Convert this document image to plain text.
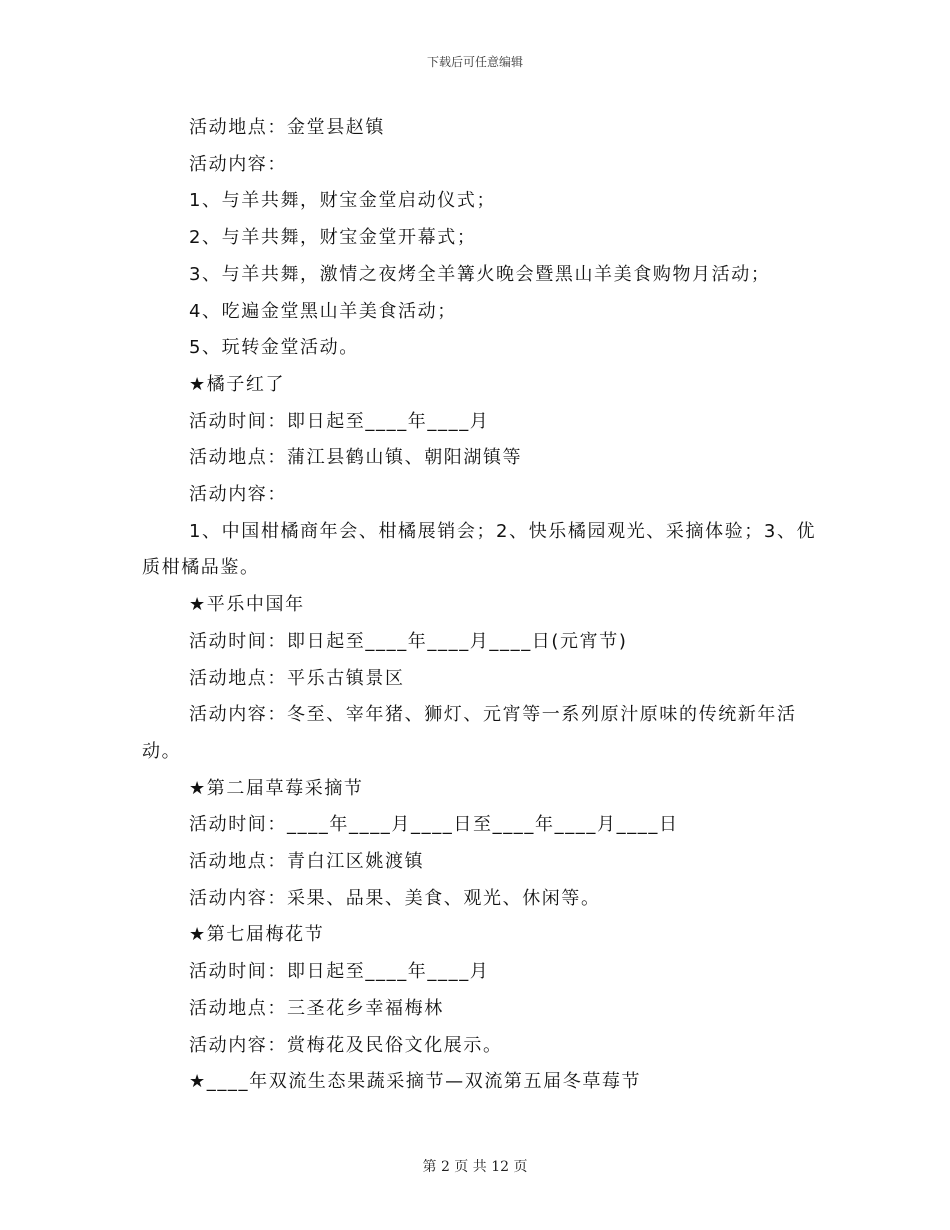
下载后可任意编辑

活动地点：金堂县赵镇

活动内容：

1、与羊共舞，财宝金堂启动仪式；

2、与羊共舞，财宝金堂开幕式；

3、与羊共舞，激情之夜烤全羊篝火晚会暨黑山羊美食购物月活动；

4、吃遍金堂黑山羊美食活动；

5、玩转金堂活动。

★橘子红了

活动时间：即日起至____年____月

活动地点：蒲江县鹤山镇、朝阳湖镇等

活动内容：

1、中国柑橘商年会、柑橘展销会；2、快乐橘园观光、采摘体验；3、优质柑橘品鉴。

★平乐中国年

活动时间：即日起至____年____月____日(元宵节)

活动地点：平乐古镇景区

活动内容：冬至、宰年猪、狮灯、元宵等一系列原汁原味的传统新年活动。

★第二届草莓采摘节

活动时间：____年____月____日至____年____月____日

活动地点：青白江区姚渡镇

活动内容：采果、品果、美食、观光、休闲等。

★第七届梅花节

活动时间：即日起至____年____月

活动地点：三圣花乡幸福梅林

活动内容：赏梅花及民俗文化展示。

★____年双流生态果蔬采摘节—双流第五届冬草莓节

第 2 页 共 12 页
